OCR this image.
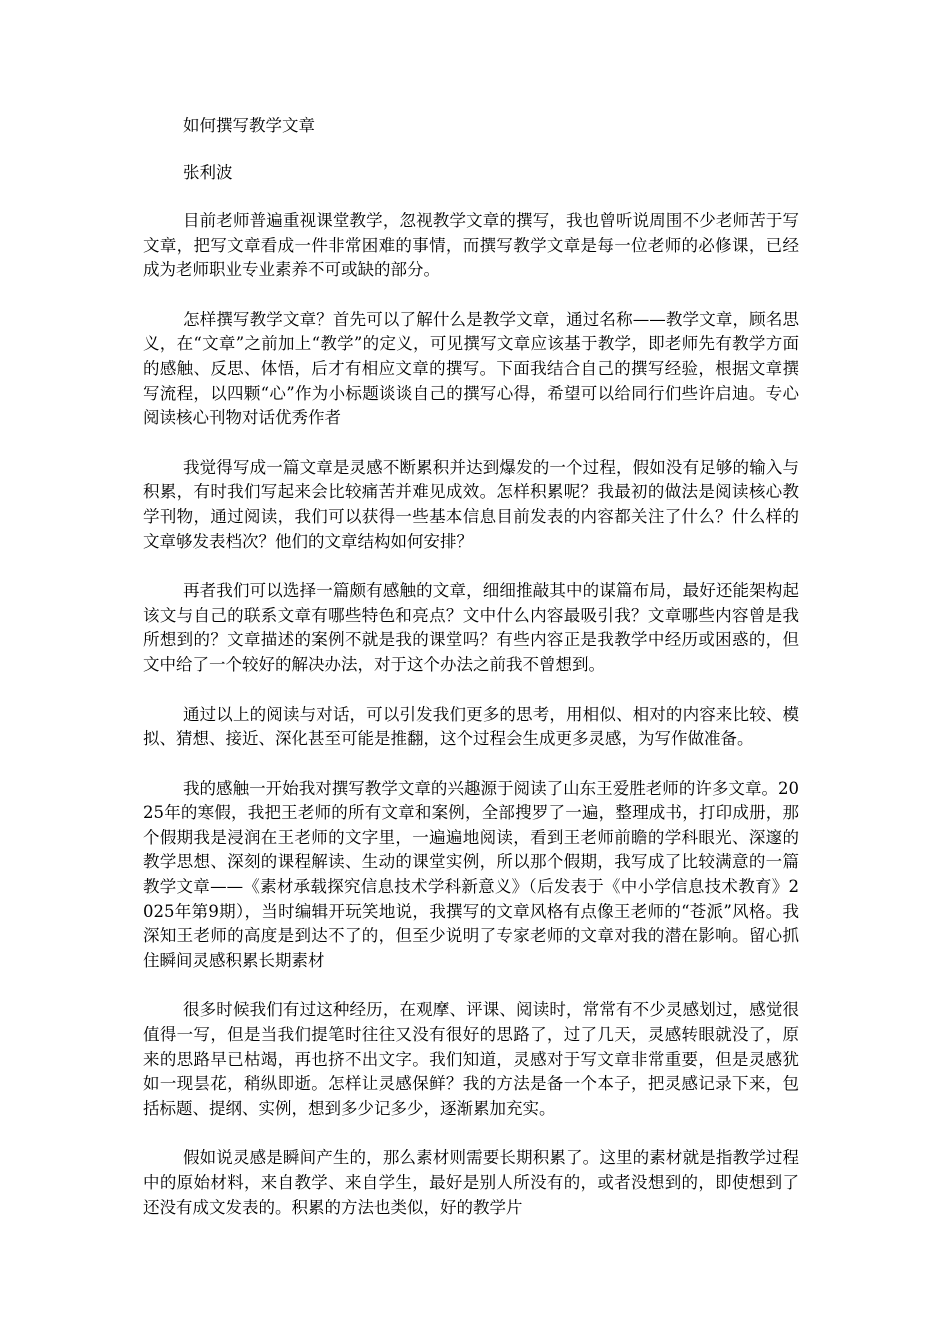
如何撰写教学文章

张利波

目前老师普遍重视课堂教学，忽视教学文章的撰写，我也曾听说周围不少老师苦于写文章，把写文章看成一件非常困难的事情，而撰写教学文章是每一位老师的必修课，已经成为老师职业专业素养不可或缺的部分。

怎样撰写教学文章？首先可以了解什么是教学文章，通过名称——教学文章，顾名思义，在“文章”之前加上“教学”的定义，可见撰写文章应该基于教学，即老师先有教学方面的感触、反思、体悟，后才有相应文章的撰写。下面我结合自己的撰写经验，根据文章撰写流程，以四颗“心”作为小标题谈谈自己的撰写心得，希望可以给同行们些许启迪。专心阅读核心刊物对话优秀作者

我觉得写成一篇文章是灵感不断累积并达到爆发的一个过程，假如没有足够的输入与积累，有时我们写起来会比较痛苦并难见成效。怎样积累呢？我最初的做法是阅读核心教学刊物，通过阅读，我们可以获得一些基本信息目前发表的内容都关注了什么？什么样的文章够发表档次？他们的文章结构如何安排？

再者我们可以选择一篇颇有感触的文章，细细推敲其中的谋篇布局，最好还能架构起该文与自己的联系文章有哪些特色和亮点？文中什么内容最吸引我？文章哪些内容曾是我所想到的？文章描述的案例不就是我的课堂吗？有些内容正是我教学中经历或困惑的，但文中给了一个较好的解决办法，对于这个办法之前我不曾想到。

通过以上的阅读与对话，可以引发我们更多的思考，用相似、相对的内容来比较、模拟、猜想、接近、深化甚至可能是推翻，这个过程会生成更多灵感，为写作做准备。

我的感触一开始我对撰写教学文章的兴趣源于阅读了山东王爱胜老师的许多文章。2025年的寒假，我把王老师的所有文章和案例，全部搜罗了一遍，整理成书，打印成册，那个假期我是浸润在王老师的文字里，一遍遍地阅读，看到王老师前瞻的学科眼光、深邃的教学思想、深刻的课程解读、生动的课堂实例，所以那个假期，我写成了比较满意的一篇教学文章——《素材承载探究信息技术学科新意义》（后发表于《中小学信息技术教育》2025年第9期），当时编辑开玩笑地说，我撰写的文章风格有点像王老师的“苍派”风格。我深知王老师的高度是到达不了的，但至少说明了专家老师的文章对我的潜在影响。留心抓住瞬间灵感积累长期素材

很多时候我们有过这种经历，在观摩、评课、阅读时，常常有不少灵感划过，感觉很值得一写，但是当我们提笔时往往又没有很好的思路了，过了几天，灵感转眼就没了，原来的思路早已枯竭，再也挤不出文字。我们知道，灵感对于写文章非常重要，但是灵感犹如一现昙花，稍纵即逝。怎样让灵感保鲜？我的方法是备一个本子，把灵感记录下来，包括标题、提纲、实例，想到多少记多少，逐渐累加充实。

假如说灵感是瞬间产生的，那么素材则需要长期积累了。这里的素材就是指教学过程中的原始材料，来自教学、来自学生，最好是别人所没有的，或者没想到的，即使想到了还没有成文发表的。积累的方法也类似，好的教学片
